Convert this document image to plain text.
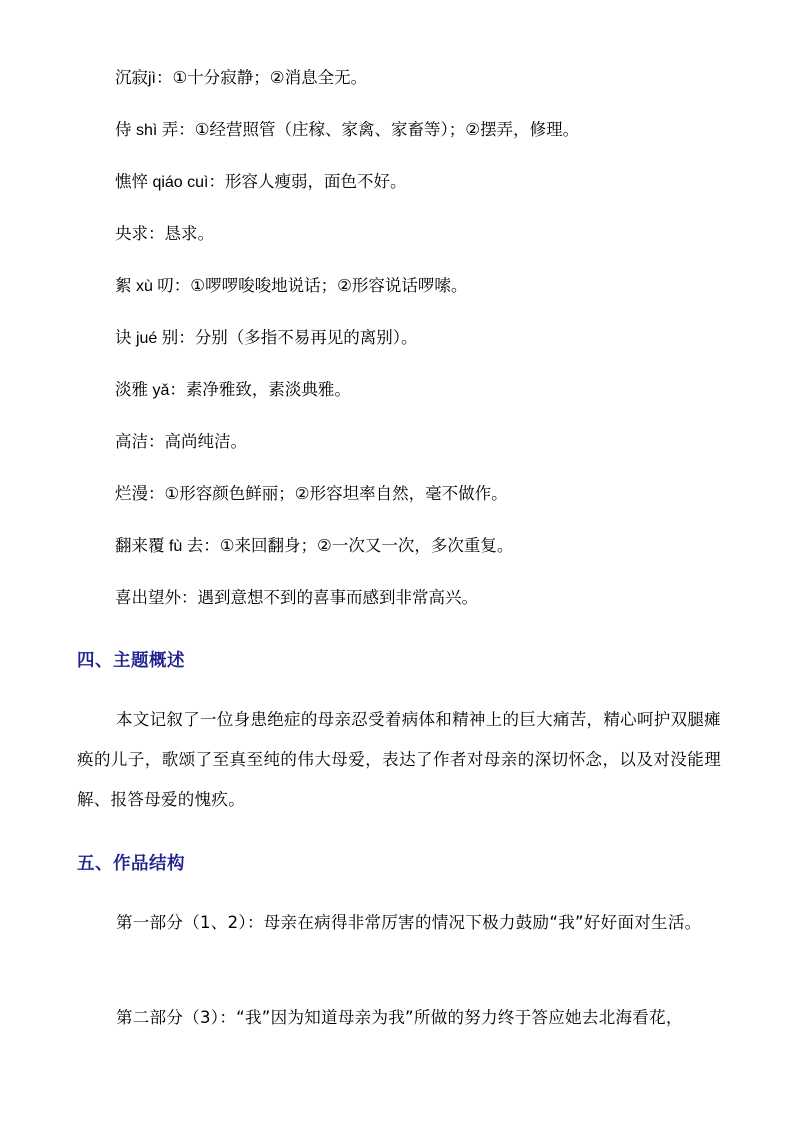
沉寂jì：①十分寂静；②消息全无。
侍 shì 弄：①经营照管（庄稼、家禽、家畜等）；②摆弄，修理。
憔悴 qiáo cuì：形容人瘦弱，面色不好。
央求：恳求。
絮 xù 叨：①啰啰唆唆地说话；②形容说话啰嗦。
诀 jué 别：分别（多指不易再见的离别）。
淡雅 yǎ：素净雅致，素淡典雅。
高洁：高尚纯洁。
烂漫：①形容颜色鲜丽；②形容坦率自然，毫不做作。
翻来覆 fù 去：①来回翻身；②一次又一次，多次重复。
喜出望外：遇到意想不到的喜事而感到非常高兴。
四、主题概述
本文记叙了一位身患绝症的母亲忍受着病体和精神上的巨大痛苦，精心呵护双腿瘫痪的儿子，歌颂了至真至纯的伟大母爱，表达了作者对母亲的深切怀念，以及对没能理解、报答母爱的愧疚。
五、作品结构
第一部分（1、2）：母亲在病得非常厉害的情况下极力鼓励“我”好好面对生活。
第二部分（3）：“我”因为知道母亲为我”所做的努力终于答应她去北海看花，
